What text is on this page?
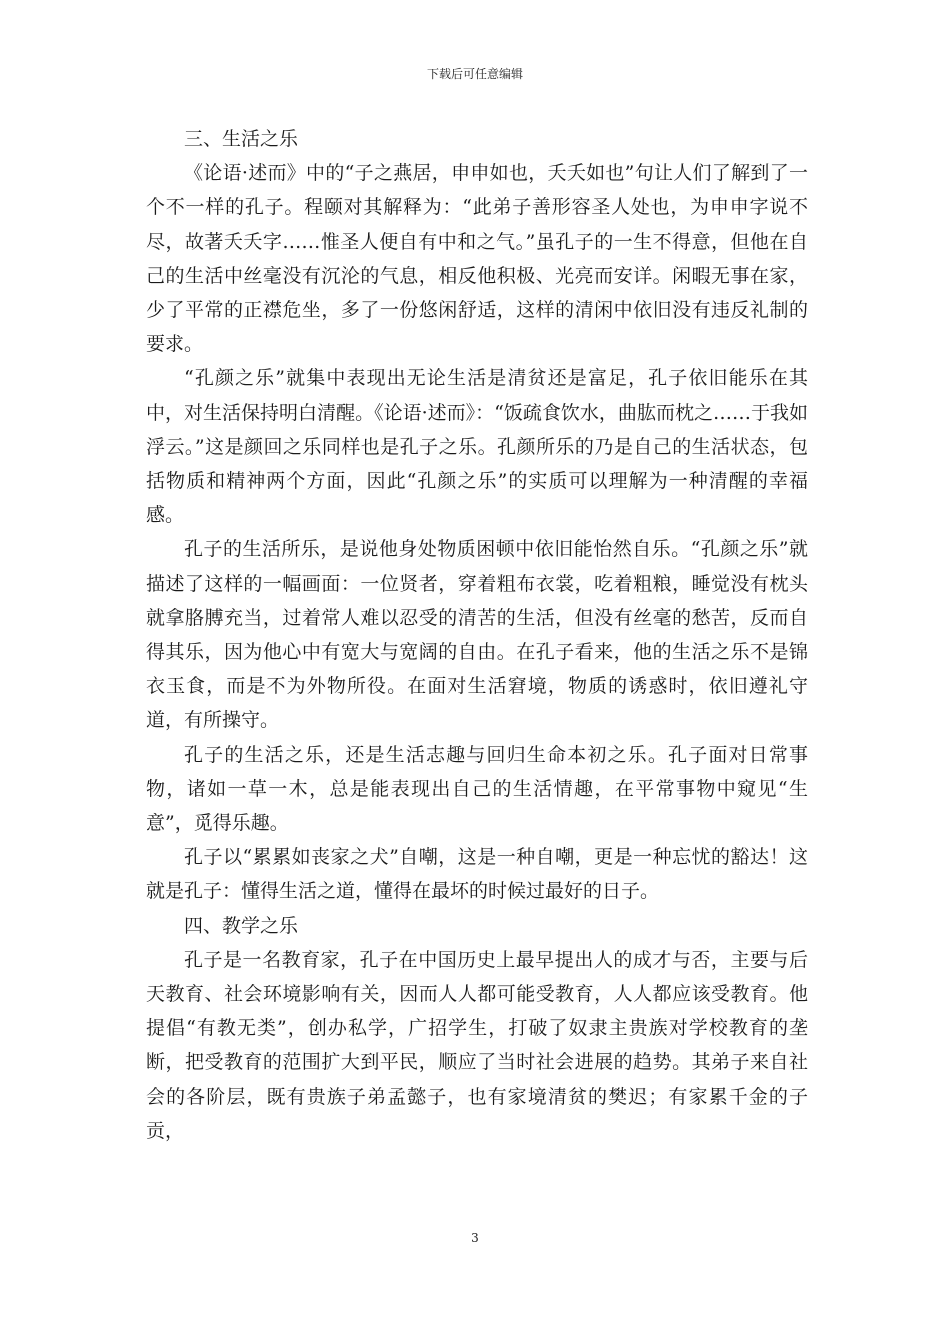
下载后可任意编辑

三、生活之乐

《论语·述而》中的“子之燕居，申申如也，夭夭如也”句让人们了解到了一个不一样的孔子。程颐对其解释为：“此弟子善形容圣人处也，为申申字说不尽，故著夭夭字……惟圣人便自有中和之气。”虽孔子的一生不得意，但他在自己的生活中丝毫没有沉沦的气息，相反他积极、光亮而安详。闲暇无事在家，少了平常的正襟危坐，多了一份悠闲舒适，这样的清闲中依旧没有违反礼制的要求。

“孔颜之乐”就集中表现出无论生活是清贫还是富足，孔子依旧能乐在其中，对生活保持明白清醒。《论语·述而》：“饭疏食饮水，曲肱而枕之……于我如浮云。”这是颜回之乐同样也是孔子之乐。孔颜所乐的乃是自己的生活状态，包括物质和精神两个方面，因此“孔颜之乐”的实质可以理解为一种清醒的幸福感。

孔子的生活所乐，是说他身处物质困顿中依旧能怡然自乐。“孔颜之乐”就描述了这样的一幅画面：一位贤者，穿着粗布衣裳，吃着粗粮，睡觉没有枕头就拿胳膊充当，过着常人难以忍受的清苦的生活，但没有丝毫的愁苦，反而自得其乐，因为他心中有宽大与宽阔的自由。在孔子看来，他的生活之乐不是锦衣玉食，而是不为外物所役。在面对生活窘境，物质的诱惑时，依旧遵礼守道，有所操守。

孔子的生活之乐，还是生活志趣与回归生命本初之乐。孔子面对日常事物，诸如一草一木，总是能表现出自己的生活情趣，在平常事物中窥见“生意”，觅得乐趣。

孔子以“累累如丧家之犬”自嘲，这是一种自嘲，更是一种忘忧的豁达！这就是孔子：懂得生活之道，懂得在最坏的时候过最好的日子。

四、教学之乐

孔子是一名教育家，孔子在中国历史上最早提出人的成才与否，主要与后天教育、社会环境影响有关，因而人人都可能受教育，人人都应该受教育。他提倡“有教无类”，创办私学，广招学生，打破了奴隶主贵族对学校教育的垄断，把受教育的范围扩大到平民，顺应了当时社会进展的趋势。其弟子来自社会的各阶层，既有贵族子弟孟懿子，也有家境清贫的樊迟；有家累千金的子贡，

3
